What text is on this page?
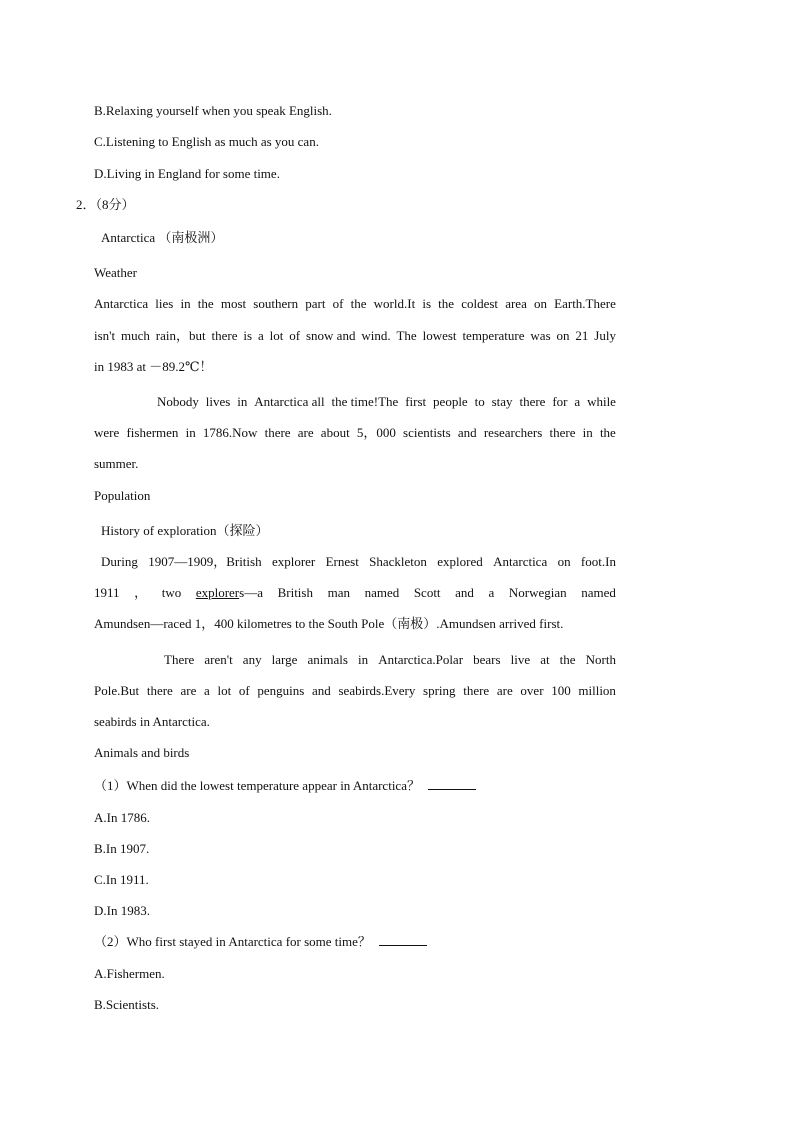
B.Relaxing yourself when you speak English.
C.Listening to English as much as you can.
D.Living in England for some time.
2．（8分）
Antarctica （南极洲）
Weather
Antarctica lies in the most southern part of the world.It is the coldest area on Earth.There
isn't much rain，but there is a lot of snow and wind. The lowest temperature was on 21 July
in 1983 at －89.2℃！
Nobody lives in Antarctica all the time!The first people to stay there for a while
were fishermen in 1786.Now there are about 5，000 scientists and researchers there in the
summer.
Population
History of exploration（探险）
During 1907—1909，British explorer Ernest Shackleton explored Antarctica on foot.In
1911 ， two explorers—a British man named Scott and a Norwegian named
Amundsen—raced 1，400 kilometres to the South Pole（南极）.Amundsen arrived first.
There aren't any large animals in Antarctica.Polar bears live at the North
Pole.But there are a lot of penguins and seabirds.Every spring there are over 100 million
seabirds in Antarctica.
Animals and birds
（1）When did the lowest temperature appear in Antarctica？
A.In 1786.
B.In 1907.
C.In 1911.
D.In 1983.
（2）Who first stayed in Antarctica for some time？
A.Fishermen.
B.Scientists.
